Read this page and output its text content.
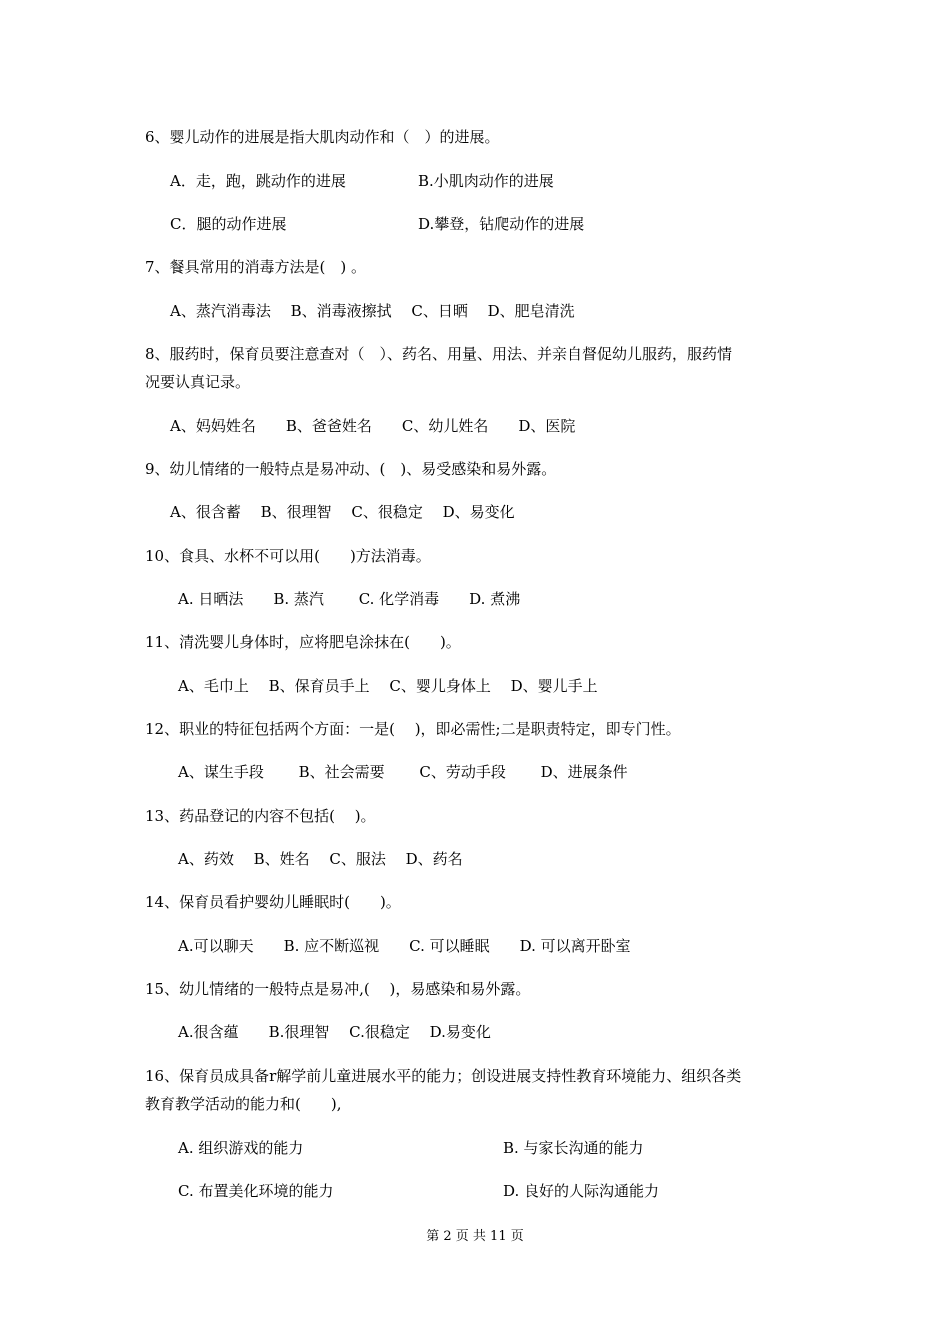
6、婴儿动作的进展是指大肌肉动作和（　）的进展。

A．走，跑，跳动作的进展	B.小肌肉动作的进展

C．腿的动作进展	D.攀登，钻爬动作的进展

7、餐具常用的消毒方法是(　) 。

A、蒸汽消毒法　 B、消毒液擦拭　 C、日晒　 D、肥皂清洗

8、服药时，保育员要注意查对（　）、药名、用量、用法、并亲自督促幼儿服药，服药情

况要认真记录。

A、妈妈姓名　　B、爸爸姓名　　C、幼儿姓名　　D、医院

9、幼儿情绪的一般特点是易冲动、(　)、易受感染和易外露。

A、很含蓄　 B、很理智　 C、很稳定　 D、易变化

10、食具、水杯不可以用(　　)方法消毒。

A. 日晒法　　B. 蒸汽　　 C. 化学消毒　　D. 煮沸

11、清洗婴儿身体时，应将肥皂涂抹在(　　)。

A、毛巾上　 B、保育员手上　 C、婴儿身体上　 D、婴儿手上

12、职业的特征包括两个方面：一是(　 )，即必需性;二是职责特定，即专门性。

A、谋生手段　　 B、社会需要　　 C、劳动手段　　 D、进展条件

13、药品登记的内容不包括(　 )。

A、药效　 B、姓名　 C、服法　 D、药名

14、保育员看护婴幼儿睡眠时(　　)。

A.可以聊天　　B. 应不断巡视　　C. 可以睡眠　　D. 可以离开卧室

15、幼儿情绪的一般特点是易冲,(　 )，易感染和易外露。

A.很含蕴　　B.很理智　 C.很稳定　 D.易变化

16、保育员成具备r解学前儿童进展水平的能力；创设进展支持性教育环境能力、组织各类

教育教学活动的能力和(　　),

A. 组织游戏的能力	B. 与家长沟通的能力

C. 布置美化环境的能力	D. 良好的人际沟通能力

第 2 页 共 11 页
